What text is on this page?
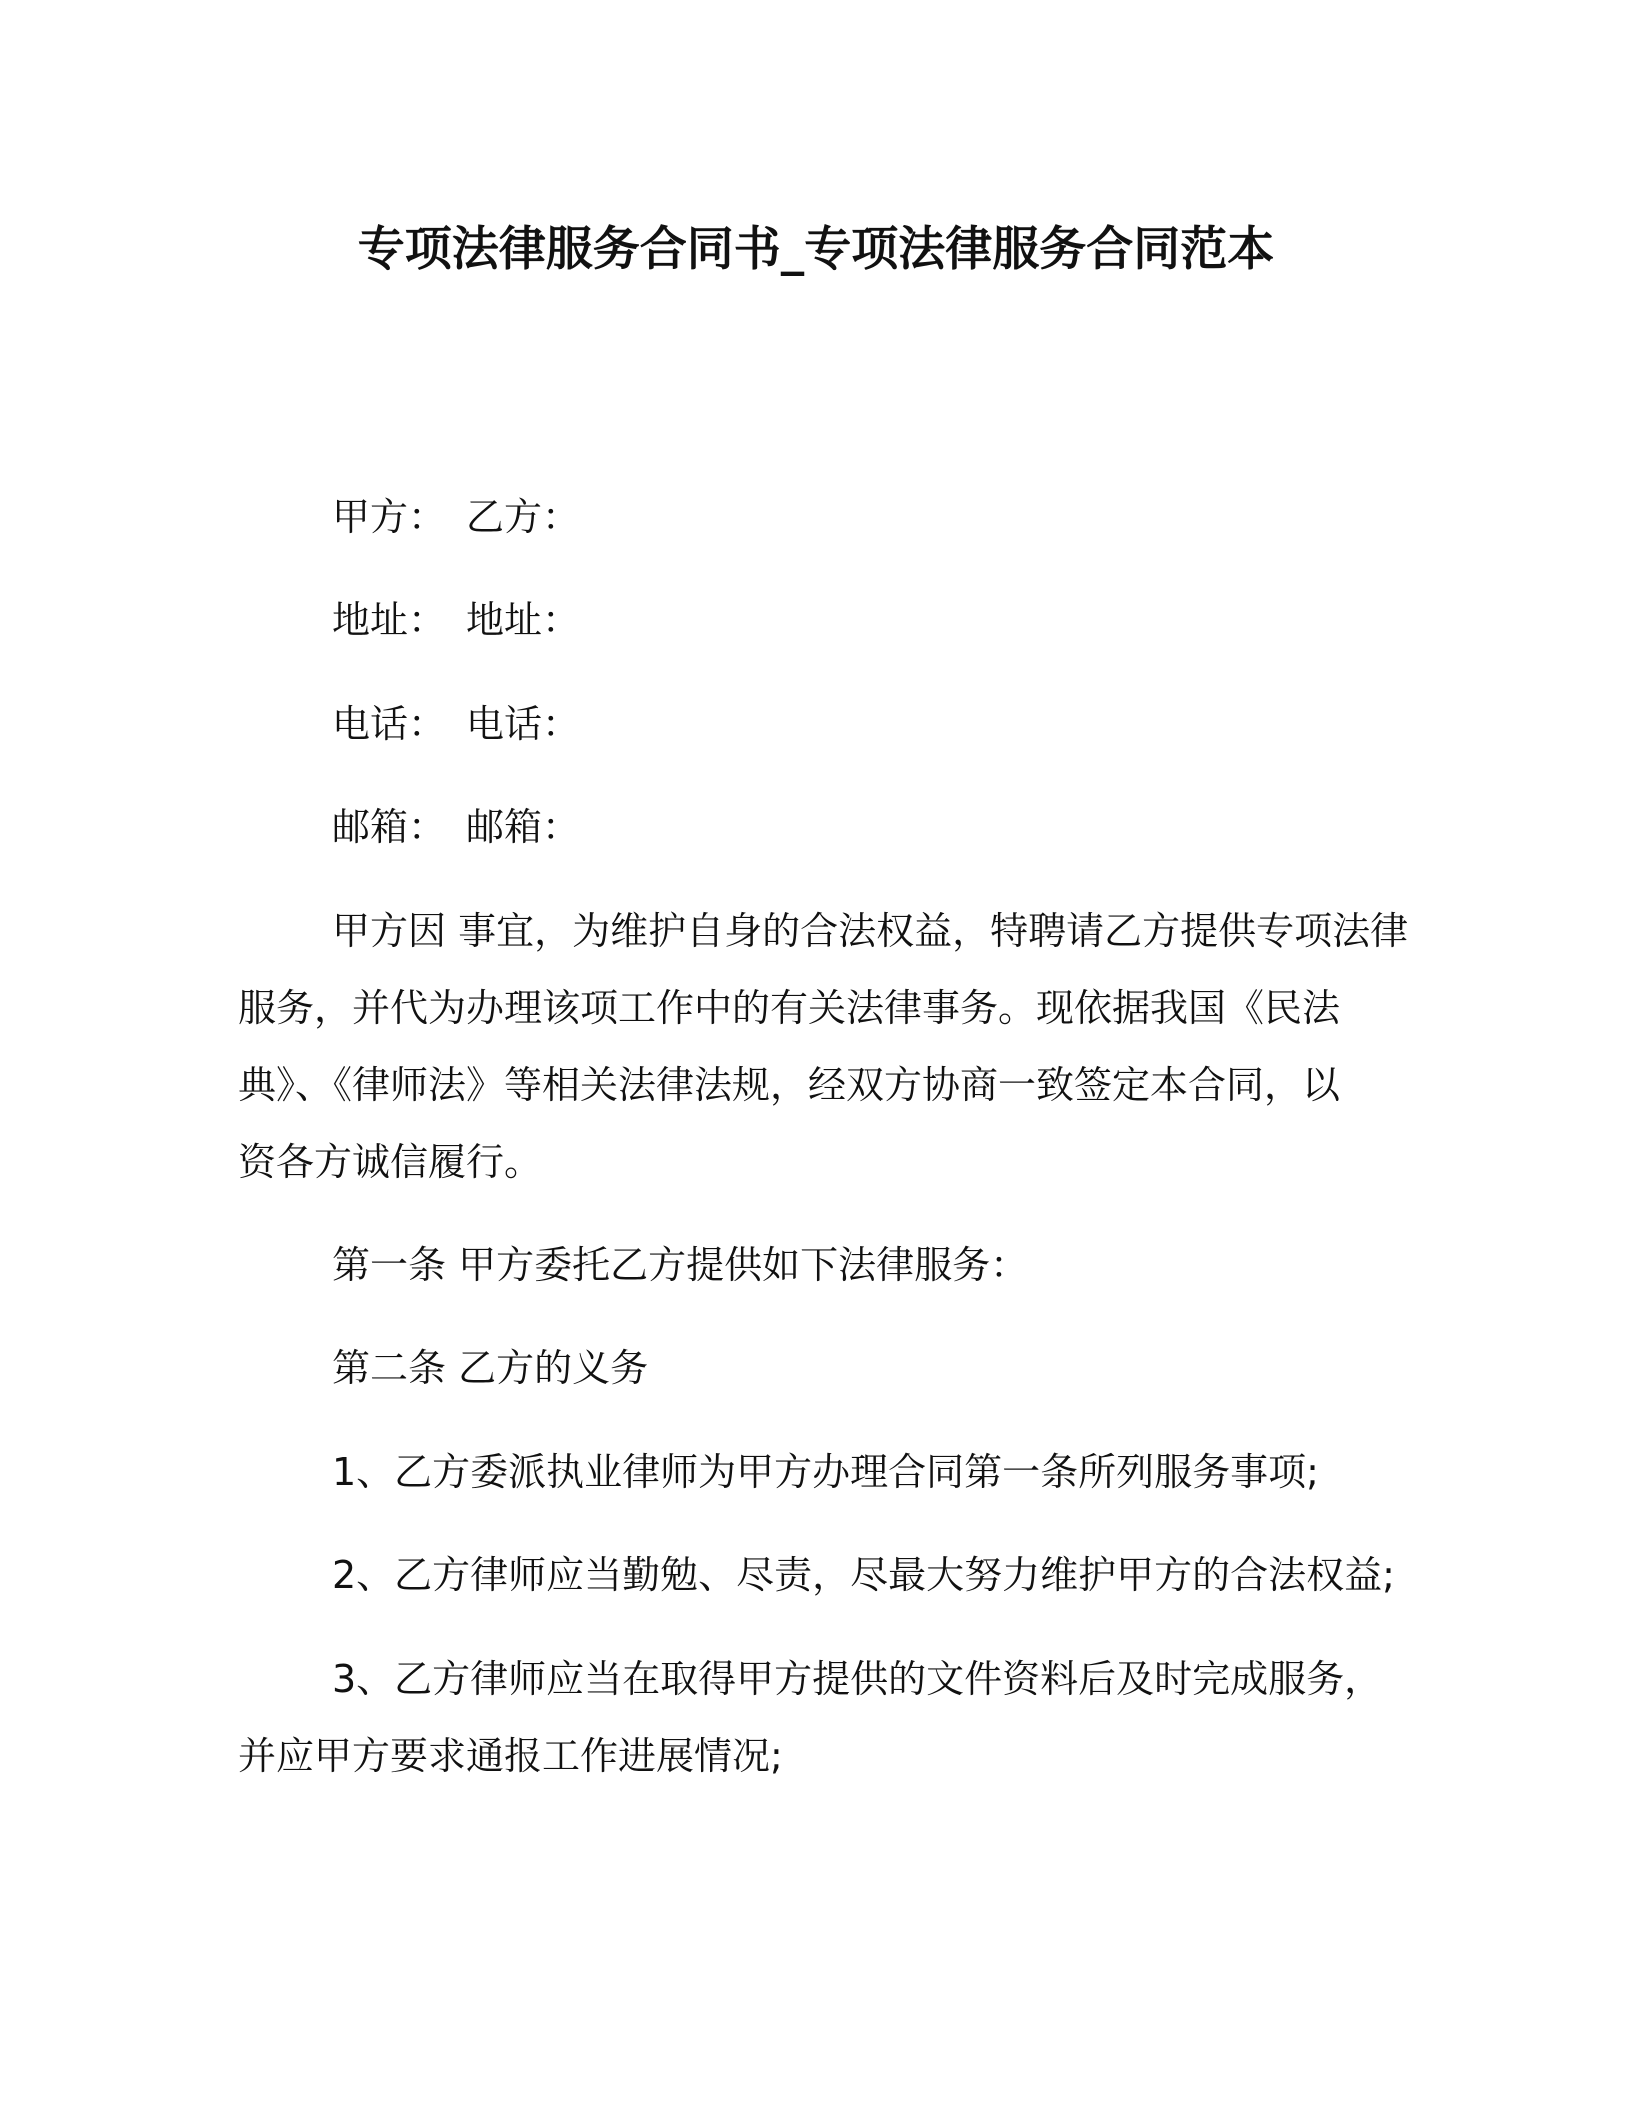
专项法律服务合同书_专项法律服务合同范本
甲方： 乙方：
地址： 地址：
电话： 电话：
邮箱： 邮箱：
甲方因 事宜，为维护自身的合法权益，特聘请乙方提供专项法律
服务，并代为办理该项工作中的有关法律事务。现依据我国《民法
典》、《律师法》等相关法律法规，经双方协商一致签定本合同，以
资各方诚信履行。
第一条 甲方委托乙方提供如下法律服务：
第二条 乙方的义务
1、乙方委派执业律师为甲方办理合同第一条所列服务事项;
2、乙方律师应当勤勉、尽责，尽最大努力维护甲方的合法权益;
3、乙方律师应当在取得甲方提供的文件资料后及时完成服务，
并应甲方要求通报工作进展情况;
